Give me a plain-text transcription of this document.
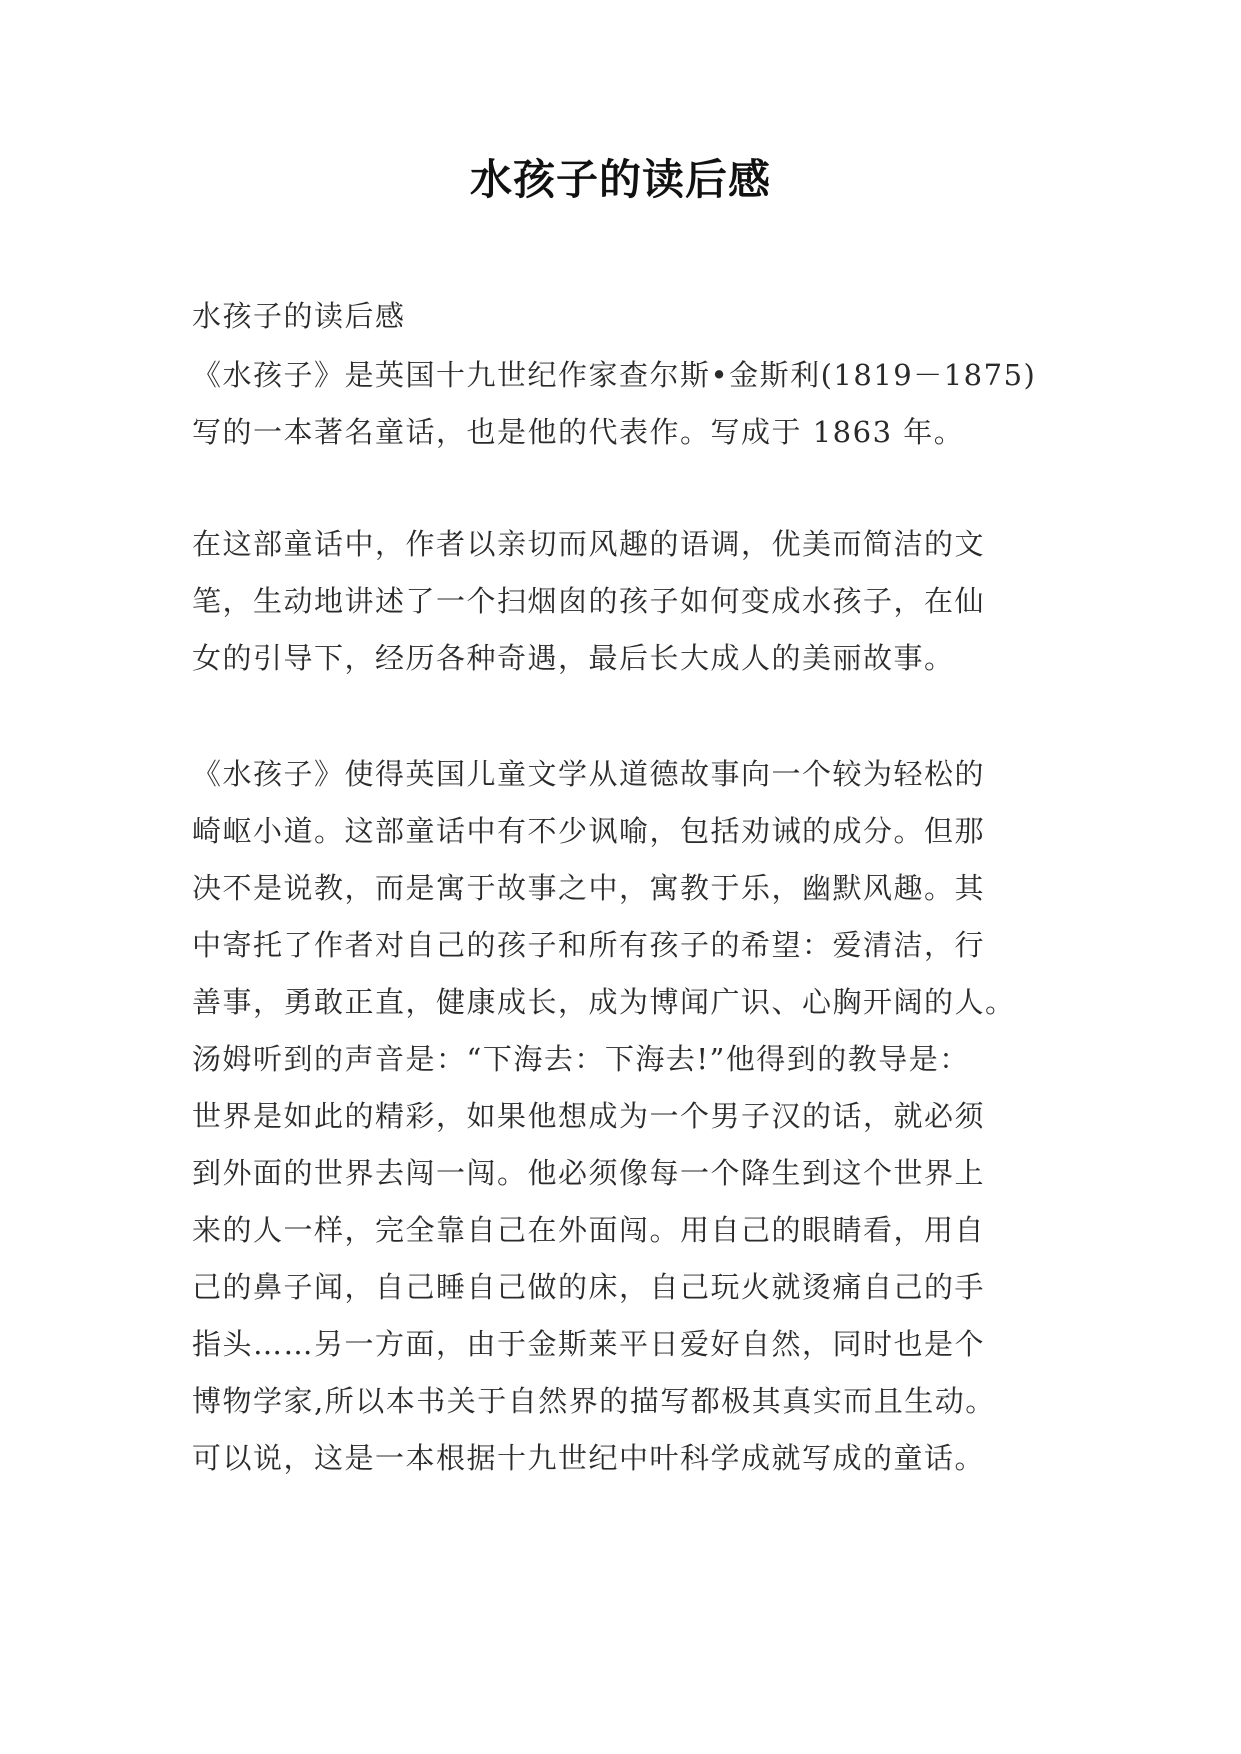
水孩子的读后感
水孩子的读后感
《水孩子》是英国十九世纪作家查尔斯•金斯利(1819－1875)
写的一本著名童话，也是他的代表作。写成于 1863 年。
在这部童话中，作者以亲切而风趣的语调，优美而简洁的文
笔，生动地讲述了一个扫烟囱的孩子如何变成水孩子，在仙
女的引导下，经历各种奇遇，最后长大成人的美丽故事。
《水孩子》使得英国儿童文学从道德故事向一个较为轻松的
崎岖小道。这部童话中有不少讽喻，包括劝诫的成分。但那
决不是说教，而是寓于故事之中，寓教于乐，幽默风趣。其
中寄托了作者对自己的孩子和所有孩子的希望：爱清洁，行
善事，勇敢正直，健康成长，成为博闻广识、心胸开阔的人。
汤姆听到的声音是：“下海去：下海去!”他得到的教导是：
世界是如此的精彩，如果他想成为一个男子汉的话，就必须
到外面的世界去闯一闯。他必须像每一个降生到这个世界上
来的人一样，完全靠自己在外面闯。用自己的眼睛看，用自
己的鼻子闻，自己睡自己做的床，自己玩火就烫痛自己的手
指头……另一方面，由于金斯莱平日爱好自然，同时也是个
博物学家,所以本书关于自然界的描写都极其真实而且生动。
可以说，这是一本根据十九世纪中叶科学成就写成的童话。
